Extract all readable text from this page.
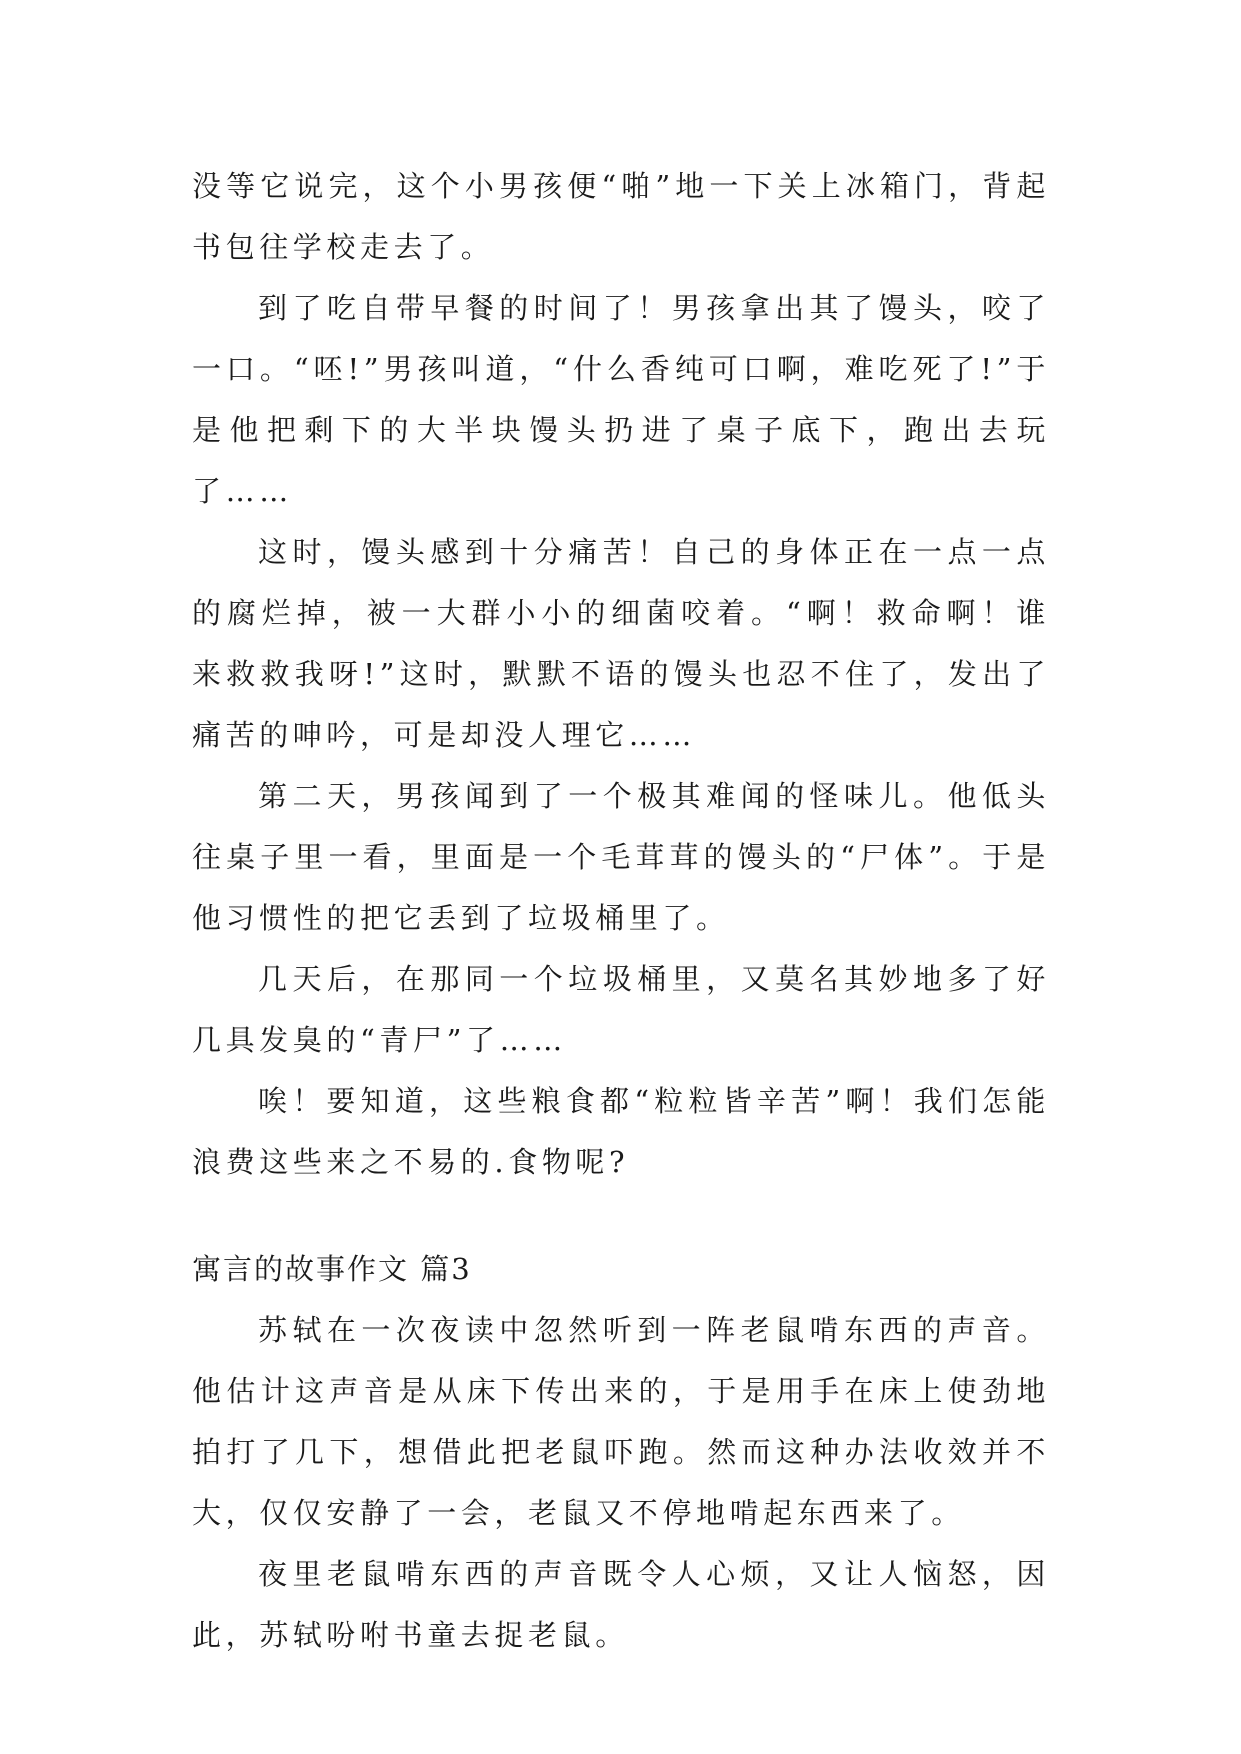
没等它说完，这个小男孩便“啪”地一下关上冰箱门，背起书包往学校走去了。

到了吃自带早餐的时间了！男孩拿出其了馒头，咬了一口。“呸!”男孩叫道，“什么香纯可口啊，难吃死了!”于是他把剩下的大半块馒头扔进了桌子底下，跑出去玩了……

这时，馒头感到十分痛苦！自己的身体正在一点一点的腐烂掉，被一大群小小的细菌咬着。“啊！救命啊！谁来救救我呀!”这时，默默不语的馒头也忍不住了，发出了痛苦的呻吟，可是却没人理它……

第二天，男孩闻到了一个极其难闻的怪味儿。他低头往桌子里一看，里面是一个毛茸茸的馒头的“尸体”。于是他习惯性的把它丢到了垃圾桶里了。

几天后，在那同一个垃圾桶里，又莫名其妙地多了好几具发臭的“青尸”了……

唉！要知道，这些粮食都“粒粒皆辛苦”啊！我们怎能浪费这些来之不易的.食物呢?

寓言的故事作文 篇3

苏轼在一次夜读中忽然听到一阵老鼠啃东西的声音。他估计这声音是从床下传出来的，于是用手在床上使劲地拍打了几下，想借此把老鼠吓跑。然而这种办法收效并不大，仅仅安静了一会，老鼠又不停地啃起东西来了。

夜里老鼠啃东西的声音既令人心烦，又让人恼怒，因此，苏轼吩咐书童去捉老鼠。
